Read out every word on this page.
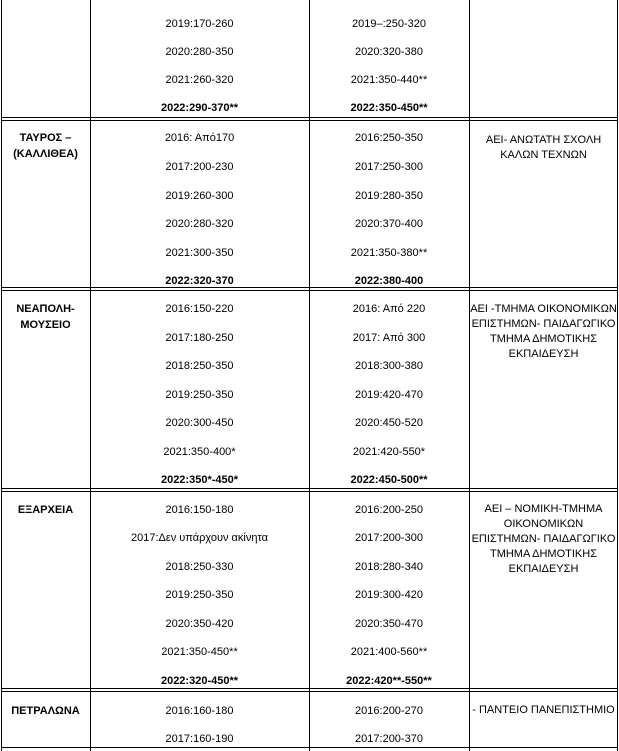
2019:170-260
2020:280-350
2021:260-320
2022:290-370**
2019–:250-320
2020:320-380
2021:350-440**
2022:350-450**
ΤΑΥΡΟΣ –
(ΚΑΛΛΙΘΕΑ)
2016: Από170
2017:200-230
2019:260-300
2020:280-320
2021:300-350
2022:320-370
2016:250-350
2017:250-300
2019:280-350
2020:370-400
2021:350-380**
2022:380-400
ΑΕΙ- ΑΝΩΤΑΤΗ ΣΧΟΛΗ ΚΑΛΩΝ ΤΕΧΝΩΝ
ΝΕΑΠΟΛΗ-
ΜΟΥΣΕΙΟ
2016:150-220
2017:180-250
2018:250-350
2019:250-350
2020:300-450
2021:350-400*
2022:350*-450*
2016: Από 220
2017: Από 300
2018:300-380
2019:420-470
2020:450-520
2021:420-550*
2022:450-500**
ΑΕΙ -ΤΜΗΜΑ ΟΙΚΟΝΟΜΙΚΩΝ ΕΠΙΣΤΗΜΩΝ- ΠΑΙΔΑΓΩΓΙΚΟ ΤΜΗΜΑ ΔΗΜΟΤΙΚΗΣ ΕΚΠΑΙΔΕΥΣΗ
ΕΞΑΡΧΕΙΑ	2016:150-180
2017:Δεν υπάρχουν ακίνητα
2018:250-330
2019:250-350
2020:350-420
2021:350-450**
2022:320-450**
2016:200-250
2017:200-300
2018:280-340
2019:300-420
2020:350-470
2021:400-560**
2022:420**-550**
ΑΕΙ – ΝΟΜΙΚΗ-ΤΜΗΜΑ ΟΙΚΟΝΟΜΙΚΩΝ ΕΠΙΣΤΗΜΩΝ- ΠΑΙΔΑΓΩΓΙΚΟ ΤΜΗΜΑ ΔΗΜΟΤΙΚΗΣ ΕΚΠΑΙΔΕΥΣΗ
ΠΕΤΡΑΛΩΝΑ	2016:160-180
2017:160-190
2016:200-270
2017:200-370
- ΠΑΝΤΕΙΟ ΠΑΝΕΠΙΣΤΗΜΙΟ
